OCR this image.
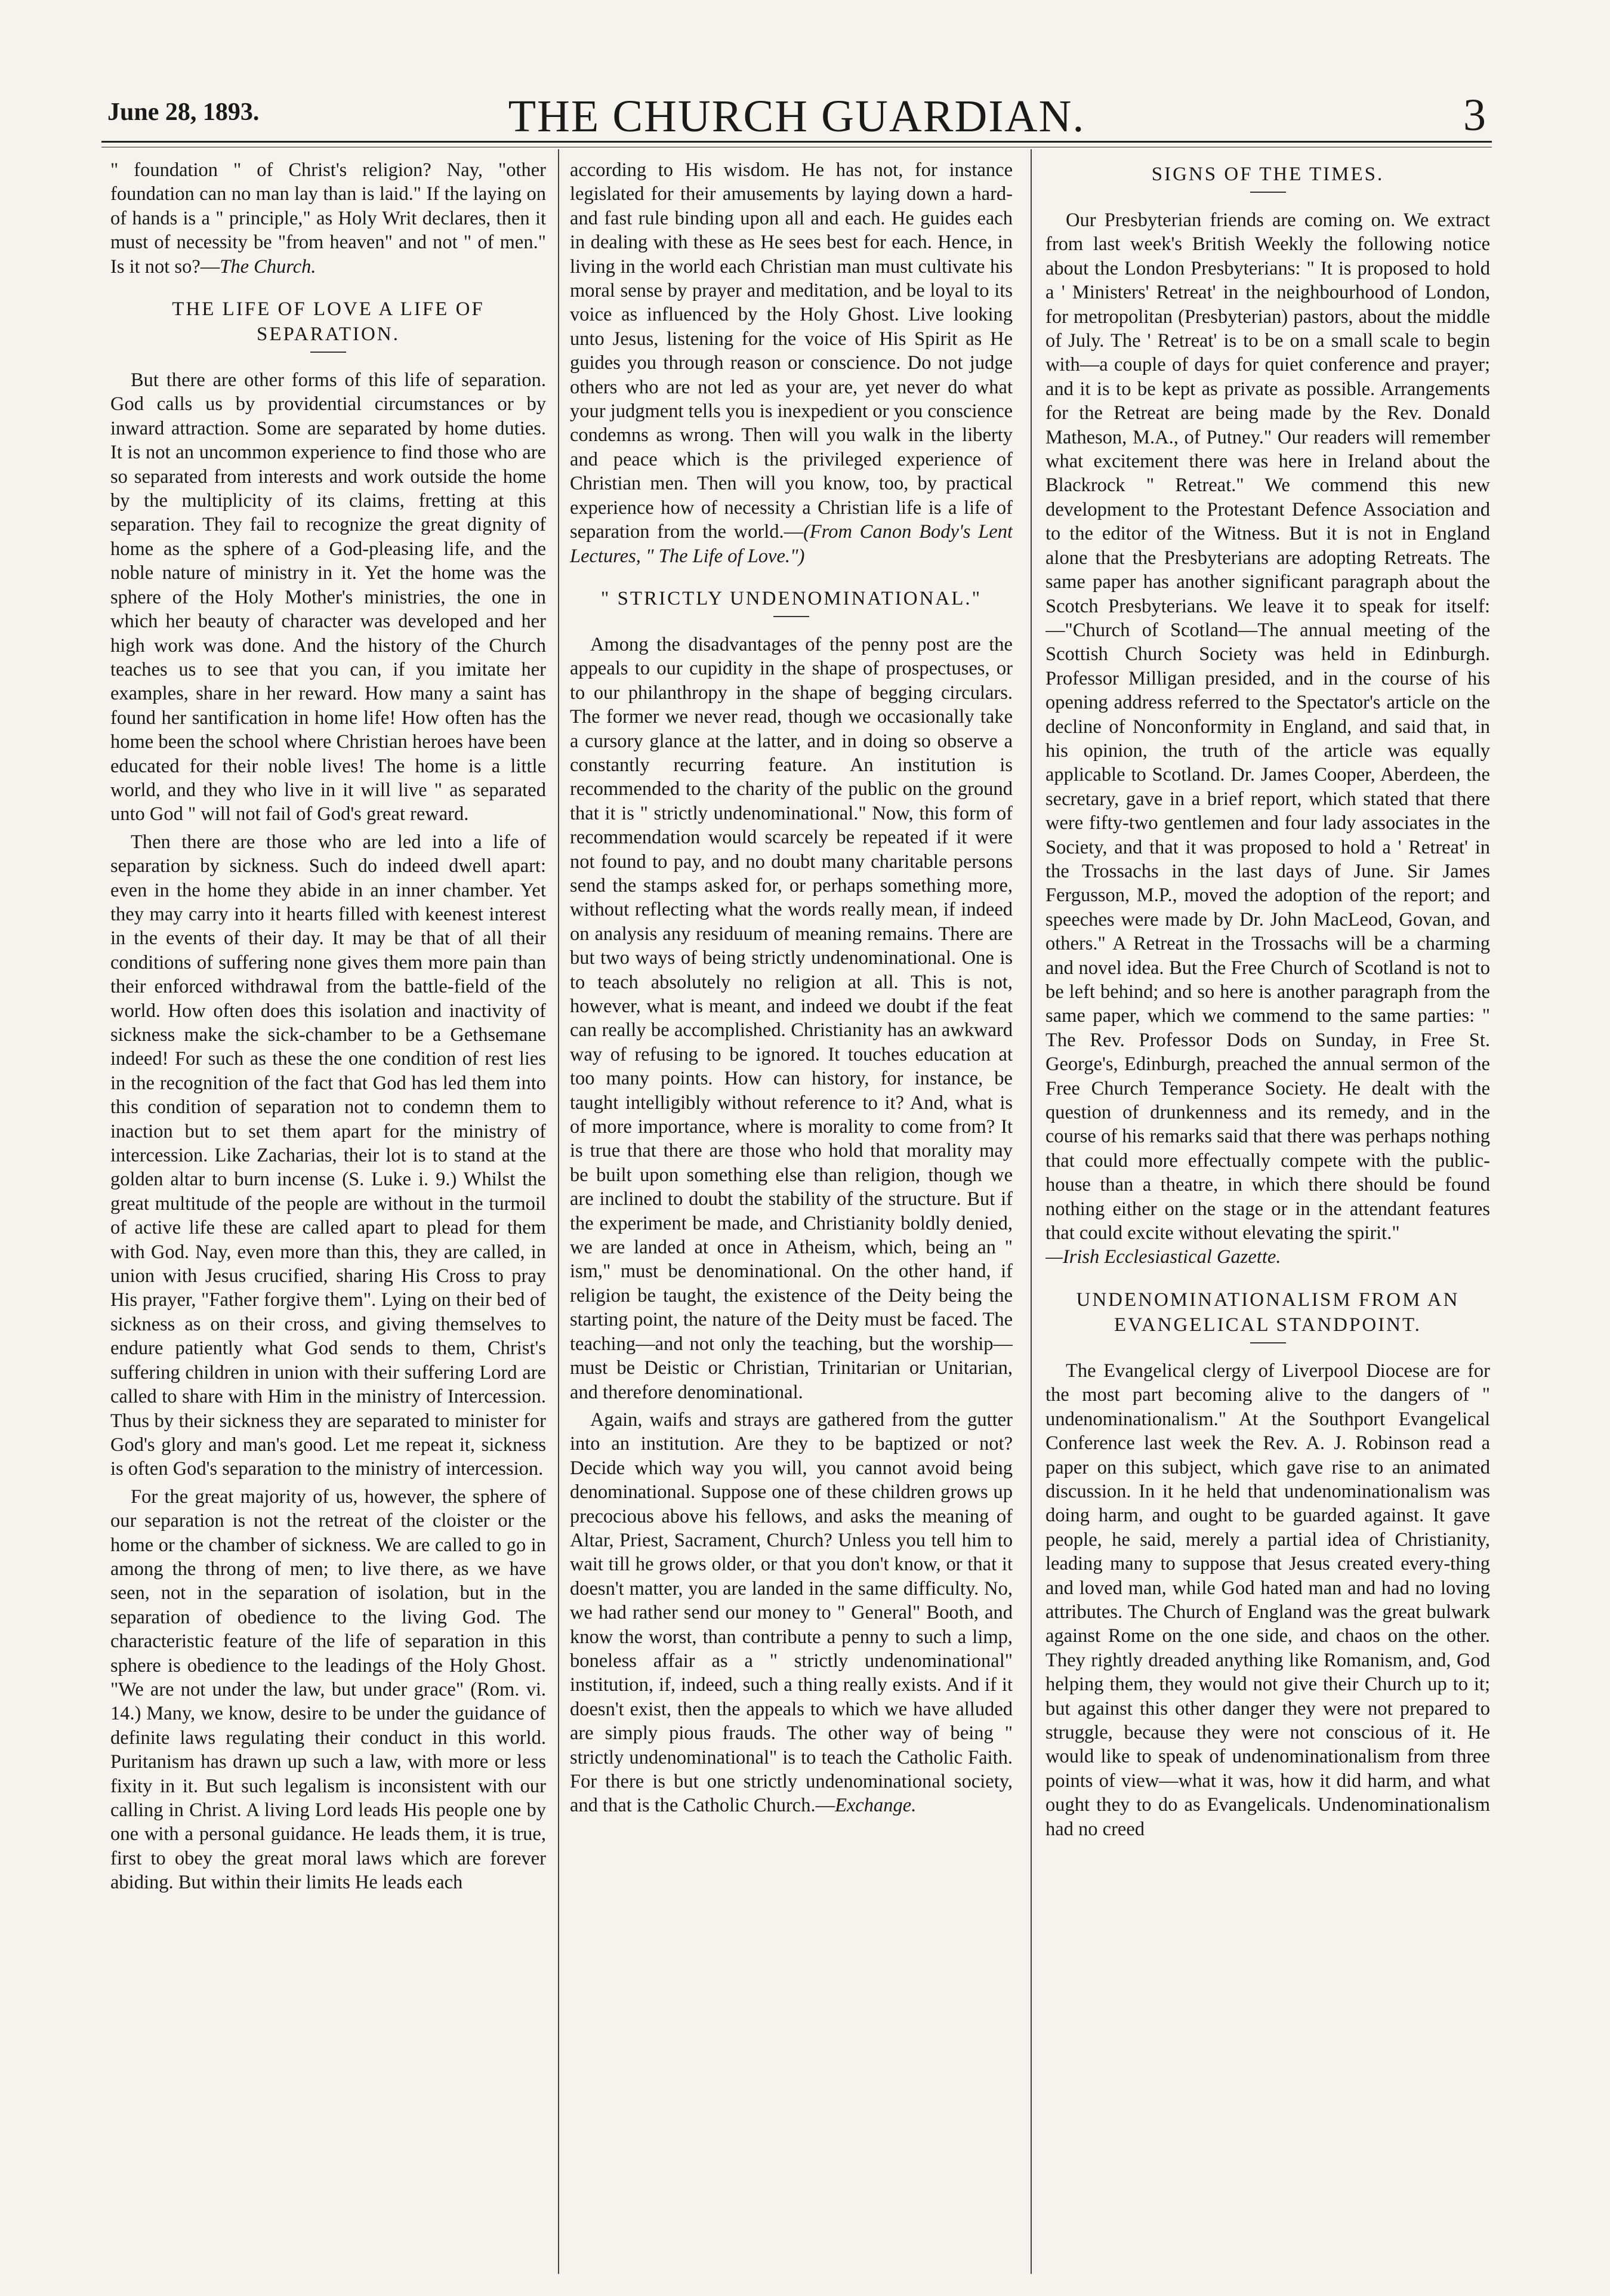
June 28, 1893.	THE CHURCH GUARDIAN.	3

" foundation " of Christ's religion? Nay, "other foundation can no man lay than is laid." If the laying on of hands is a " principle," as Holy Writ declares, then it must of necessity be "from heaven" and not " of men." Is it not so?—The Church.

THE LIFE OF LOVE A LIFE OF SEPARATION.

But there are other forms of this life of separation. God calls us by providential circumstances or by inward attraction. Some are separated by home duties. It is not an uncommon experience to find those who are so separated from interests and work outside the home by the multiplicity of its claims, fretting at this separation. They fail to recognize the great dignity of home as the sphere of a God-pleasing life, and the noble nature of ministry in it. Yet the home was the sphere of the Holy Mother's ministries, the one in which her beauty of character was developed and her high work was done. And the history of the Church teaches us to see that you can, if you imitate her examples, share in her reward. How many a saint has found her santification in home life! How often has the home been the school where Christian heroes have been educated for their noble lives! The home is a little world, and they who live in it will live " as separated unto God " will not fail of God's great reward.

Then there are those who are led into a life of separation by sickness. Such do indeed dwell apart: even in the home they abide in an inner chamber. Yet they may carry into it hearts filled with keenest interest in the events of their day. It may be that of all their conditions of suffering none gives them more pain than their enforced withdrawal from the battle-field of the world. How often does this isolation and inactivity of sickness make the sick-chamber to be a Gethsemane indeed! For such as these the one condition of rest lies in the recognition of the fact that God has led them into this condition of separation not to condemn them to inaction but to set them apart for the ministry of intercession. Like Zacharias, their lot is to stand at the golden altar to burn incense (S. Luke i. 9.) Whilst the great multitude of the people are without in the turmoil of active life these are called apart to plead for them with God. Nay, even more than this, they are called, in union with Jesus crucified, sharing His Cross to pray His prayer, "Father forgive them". Lying on their bed of sickness as on their cross, and giving themselves to endure patiently what God sends to them, Christ's suffering children in union with their suffering Lord are called to share with Him in the ministry of Intercession. Thus by their sickness they are separated to minister for God's glory and man's good. Let me repeat it, sickness is often God's separation to the ministry of intercession.

For the great majority of us, however, the sphere of our separation is not the retreat of the cloister or the home or the chamber of sickness. We are called to go in among the throng of men; to live there, as we have seen, not in the separation of isolation, but in the separation of obedience to the living God. The characteristic feature of the life of separation in this sphere is obedience to the leadings of the Holy Ghost. "We are not under the law, but under grace" (Rom. vi. 14.) Many, we know, desire to be under the guidance of definite laws regulating their conduct in this world. Puritanism has drawn up such a law, with more or less fixity in it. But such legalism is inconsistent with our calling in Christ. A living Lord leads His people one by one with a personal guidance. He leads them, it is true, first to obey the great moral laws which are forever abiding. But within their limits He leads each

according to His wisdom. He has not, for instance legislated for their amusements by laying down a hard-and fast rule binding upon all and each. He guides each in dealing with these as He sees best for each. Hence, in living in the world each Christian man must cultivate his moral sense by prayer and meditation, and be loyal to its voice as influenced by the Holy Ghost. Live looking unto Jesus, listening for the voice of His Spirit as He guides you through reason or conscience. Do not judge others who are not led as your are, yet never do what your judgment tells you is inexpedient or you conscience condemns as wrong. Then will you walk in the liberty and peace which is the privileged experience of Christian men. Then will you know, too, by practical experience how of necessity a Christian life is a life of separation from the world.—(From Canon Body's Lent Lectures, " The Life of Love.")

" STRICTLY UNDENOMINATIONAL."

Among the disadvantages of the penny post are the appeals to our cupidity in the shape of prospectuses, or to our philanthropy in the shape of begging circulars. The former we never read, though we occasionally take a cursory glance at the latter, and in doing so observe a constantly recurring feature. An institution is recommended to the charity of the public on the ground that it is " strictly undenominational." Now, this form of recommendation would scarcely be repeated if it were not found to pay, and no doubt many charitable persons send the stamps asked for, or perhaps something more, without reflecting what the words really mean, if indeed on analysis any residuum of meaning remains. There are but two ways of being strictly undenominational. One is to teach absolutely no religion at all. This is not, however, what is meant, and indeed we doubt if the feat can really be accomplished. Christianity has an awkward way of refusing to be ignored. It touches education at too many points. How can history, for instance, be taught intelligibly without reference to it? And, what is of more importance, where is morality to come from? It is true that there are those who hold that morality may be built upon something else than religion, though we are inclined to doubt the stability of the structure. But if the experiment be made, and Christianity boldly denied, we are landed at once in Atheism, which, being an " ism," must be denominational. On the other hand, if religion be taught, the existence of the Deity being the starting point, the nature of the Deity must be faced. The teaching—and not only the teaching, but the worship—must be Deistic or Christian, Trinitarian or Unitarian, and therefore denominational.

Again, waifs and strays are gathered from the gutter into an institution. Are they to be baptized or not? Decide which way you will, you cannot avoid being denominational. Suppose one of these children grows up precocious above his fellows, and asks the meaning of Altar, Priest, Sacrament, Church? Unless you tell him to wait till he grows older, or that you don't know, or that it doesn't matter, you are landed in the same difficulty. No, we had rather send our money to " General" Booth, and know the worst, than contribute a penny to such a limp, boneless affair as a " strictly undenominational" institution, if, indeed, such a thing really exists. And if it doesn't exist, then the appeals to which we have alluded are simply pious frauds. The other way of being " strictly undenominational" is to teach the Catholic Faith. For there is but one strictly undenominational society, and that is the Catholic Church.—Exchange.

SIGNS OF THE TIMES.

Our Presbyterian friends are coming on. We extract from last week's British Weekly the following notice about the London Presbyterians: " It is proposed to hold a ' Ministers' Retreat' in the neighbourhood of London, for metropolitan (Presbyterian) pastors, about the middle of July. The ' Retreat' is to be on a small scale to begin with—a couple of days for quiet conference and prayer; and it is to be kept as private as possible. Arrangements for the Retreat are being made by the Rev. Donald Matheson, M.A., of Putney." Our readers will remember what excitement there was here in Ireland about the Blackrock " Retreat." We commend this new development to the Protestant Defence Association and to the editor of the Witness. But it is not in England alone that the Presbyterians are adopting Retreats. The same paper has another significant paragraph about the Scotch Presbyterians. We leave it to speak for itself:—"Church of Scotland—The annual meeting of the Scottish Church Society was held in Edinburgh. Professor Milligan presided, and in the course of his opening address referred to the Spectator's article on the decline of Nonconformity in England, and said that, in his opinion, the truth of the article was equally applicable to Scotland. Dr. James Cooper, Aberdeen, the secretary, gave in a brief report, which stated that there were fifty-two gentlemen and four lady associates in the Society, and that it was proposed to hold a ' Retreat' in the Trossachs in the last days of June. Sir James Fergusson, M.P., moved the adoption of the report; and speeches were made by Dr. John MacLeod, Govan, and others." A Retreat in the Trossachs will be a charming and novel idea. But the Free Church of Scotland is not to be left behind; and so here is another paragraph from the same paper, which we commend to the same parties: " The Rev. Professor Dods on Sunday, in Free St. George's, Edinburgh, preached the annual sermon of the Free Church Temperance Society. He dealt with the question of drunkenness and its remedy, and in the course of his remarks said that there was perhaps nothing that could more effectually compete with the public-house than a theatre, in which there should be found nothing either on the stage or in the attendant features that could excite without elevating the spirit."
—Irish Ecclesiastical Gazette.

UNDENOMINATIONALISM FROM AN EVANGELICAL STANDPOINT.

The Evangelical clergy of Liverpool Diocese are for the most part becoming alive to the dangers of " undenominationalism." At the Southport Evangelical Conference last week the Rev. A. J. Robinson read a paper on this subject, which gave rise to an animated discussion. In it he held that undenominationalism was doing harm, and ought to be guarded against. It gave people, he said, merely a partial idea of Christianity, leading many to suppose that Jesus created every-thing and loved man, while God hated man and had no loving attributes. The Church of England was the great bulwark against Rome on the one side, and chaos on the other. They rightly dreaded anything like Romanism, and, God helping them, they would not give their Church up to it; but against this other danger they were not prepared to struggle, because they were not conscious of it. He would like to speak of undenominationalism from three points of view—what it was, how it did harm, and what ought they to do as Evangelicals. Undenominationalism had no creed
